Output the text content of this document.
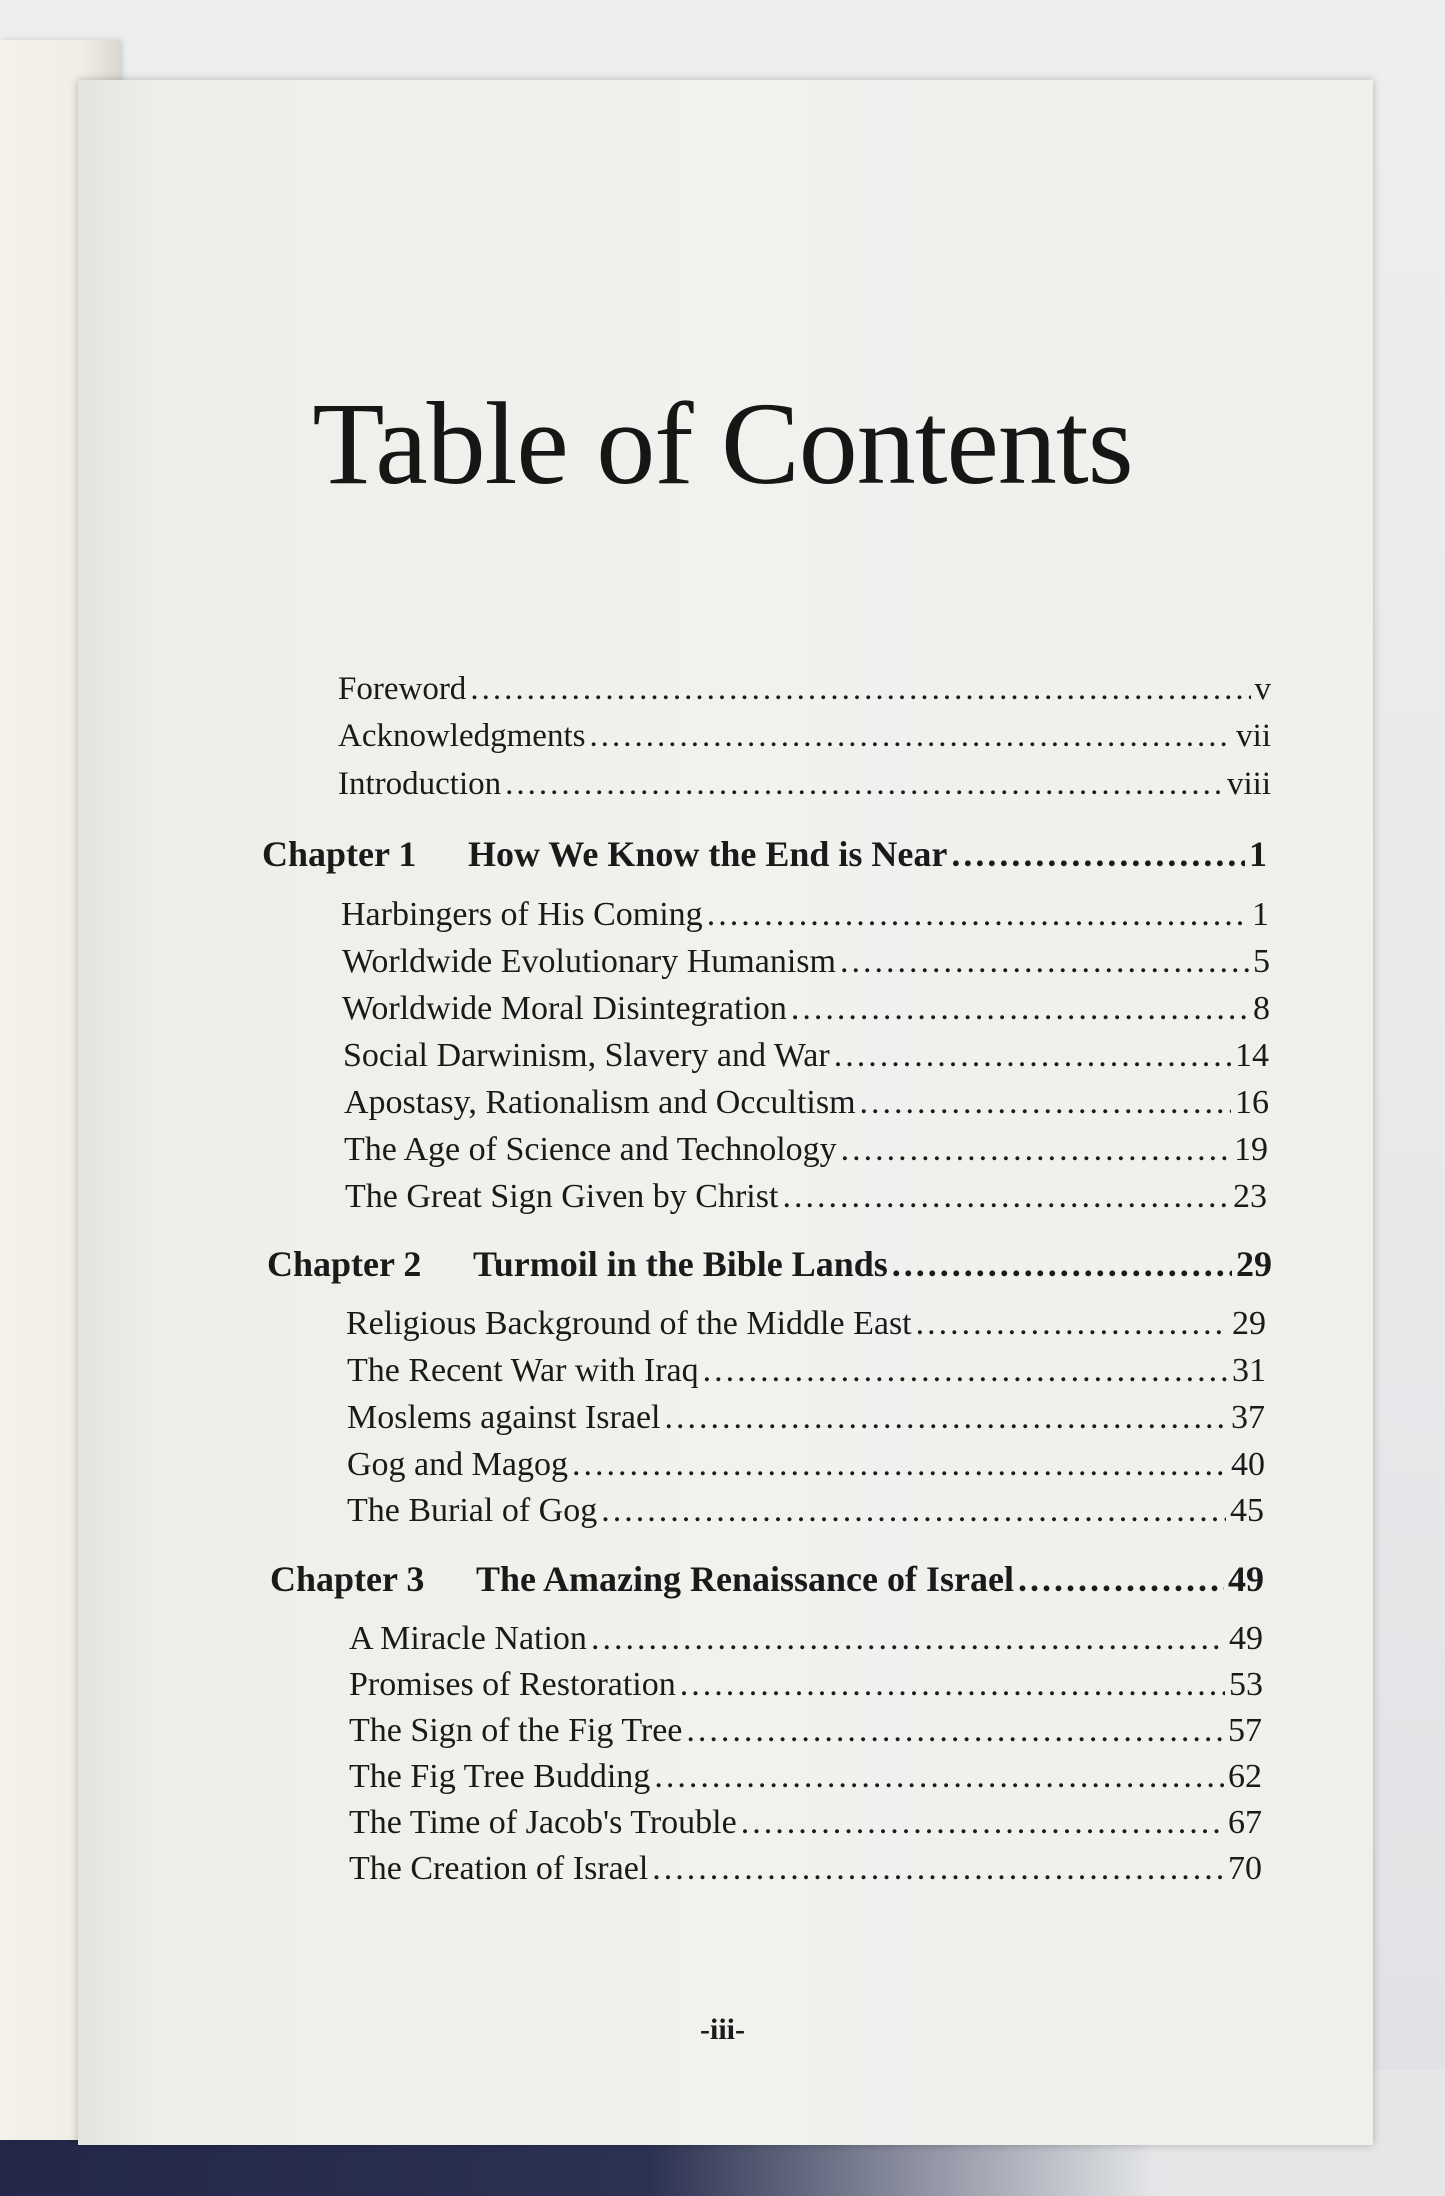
Table of Contents
Foreword .....	v
Acknowledgments .....	vii
Introduction .....	viii
Chapter 1 How We Know the End is Near .....	1
Harbingers of His Coming .....	1
Worldwide Evolutionary Humanism .....	5
Worldwide Moral Disintegration .....	8
Social Darwinism, Slavery and War .....	14
Apostasy, Rationalism and Occultism .....	16
The Age of Science and Technology .....	19
The Great Sign Given by Christ .....	23
Chapter 2 Turmoil in the Bible Lands .....	29
Religious Background of the Middle East .....	29
The Recent War with Iraq .....	31
Moslems against Israel .....	37
Gog and Magog .....	40
The Burial of Gog .....	45
Chapter 3 The Amazing Renaissance of Israel .....	49
A Miracle Nation .....	49
Promises of Restoration .....	53
The Sign of the Fig Tree .....	57
The Fig Tree Budding .....	62
The Time of Jacob's Trouble .....	67
The Creation of Israel .....	70
-iii-
